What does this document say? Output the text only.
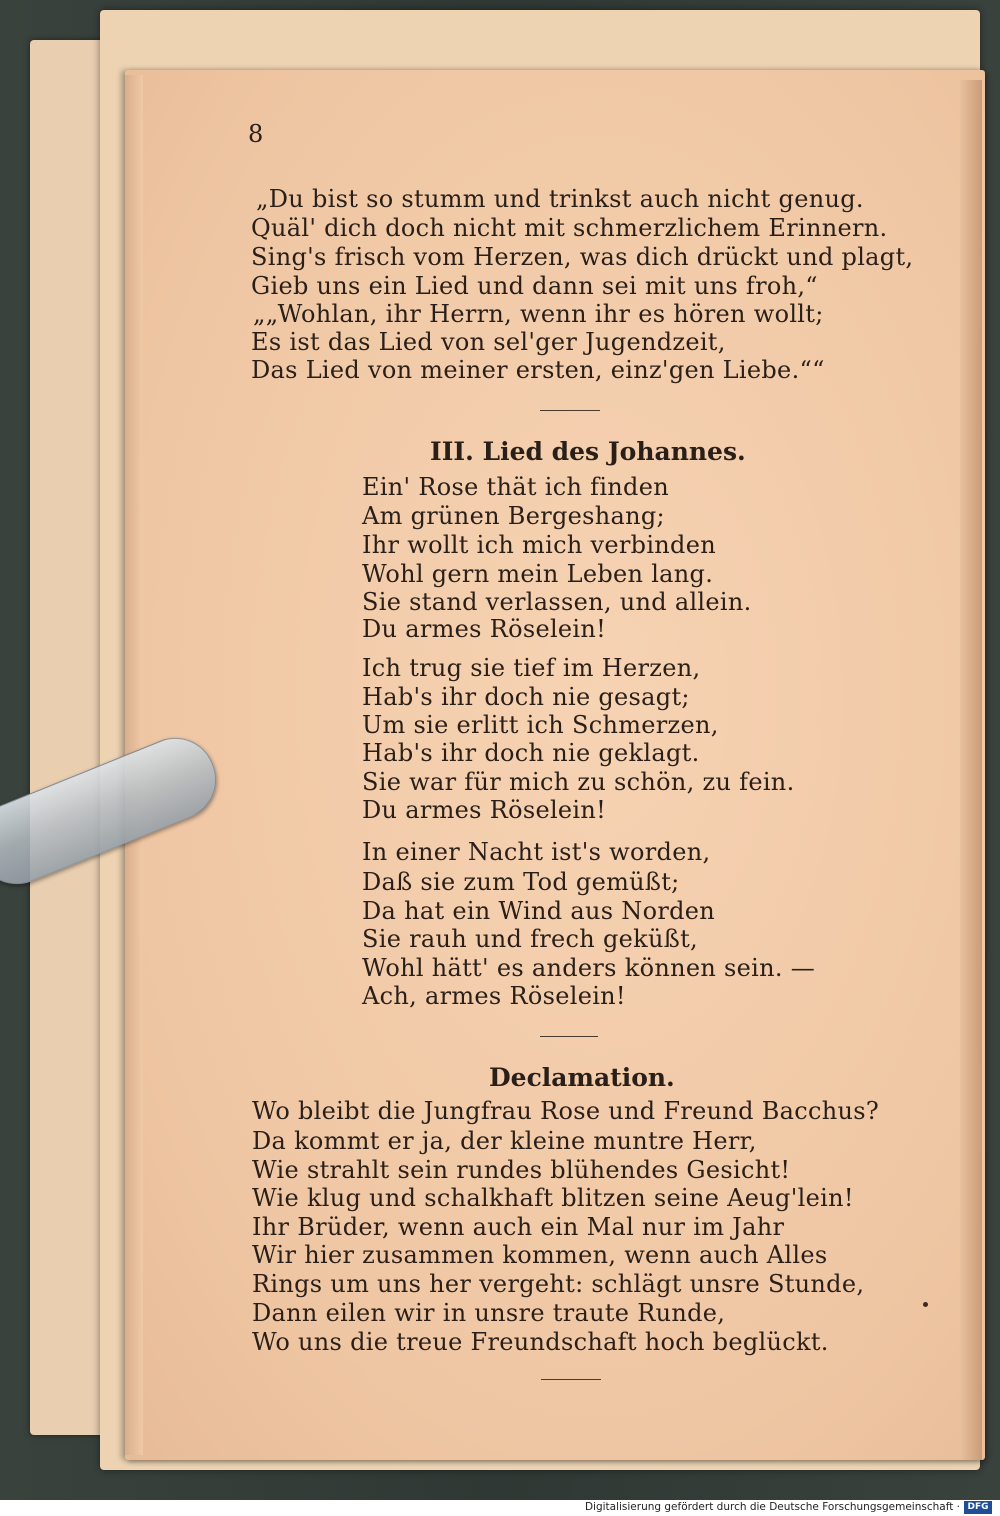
8
„Du bist so stumm und trinkst auch nicht genug.
Quäl' dich doch nicht mit schmerzlichem Erinnern.
Sing's frisch vom Herzen, was dich drückt und plagt,
Gieb uns ein Lied und dann sei mit uns froh,“
„„Wohlan, ihr Herrn, wenn ihr es hören wollt;
Es ist das Lied von sel'ger Jugendzeit,
Das Lied von meiner ersten, einz'gen Liebe.““
III. Lied des Johannes.
Ein' Rose thät ich finden
Am grünen Bergeshang;
Ihr wollt ich mich verbinden
Wohl gern mein Leben lang.
Sie stand verlassen, und allein.
Du armes Röselein!
Ich trug sie tief im Herzen,
Hab's ihr doch nie gesagt;
Um sie erlitt ich Schmerzen,
Hab's ihr doch nie geklagt.
Sie war für mich zu schön, zu fein.
Du armes Röselein!
In einer Nacht ist's worden,
Daß sie zum Tod gemüßt;
Da hat ein Wind aus Norden
Sie rauh und frech geküßt,
Wohl hätt' es anders können sein. —
Ach, armes Röselein!
Declamation.
Wo bleibt die Jungfrau Rose und Freund Bacchus?
Da kommt er ja, der kleine muntre Herr,
Wie strahlt sein rundes blühendes Gesicht!
Wie klug und schalkhaft blitzen seine Aeug'lein!
Ihr Brüder, wenn auch ein Mal nur im Jahr
Wir hier zusammen kommen, wenn auch Alles
Rings um uns her vergeht: schlägt unsre Stunde,
Dann eilen wir in unsre traute Runde,
Wo uns die treue Freundschaft hoch beglückt.
Digitalisierung gefördert durch die Deutsche Forschungsgemeinschaft · DFG
